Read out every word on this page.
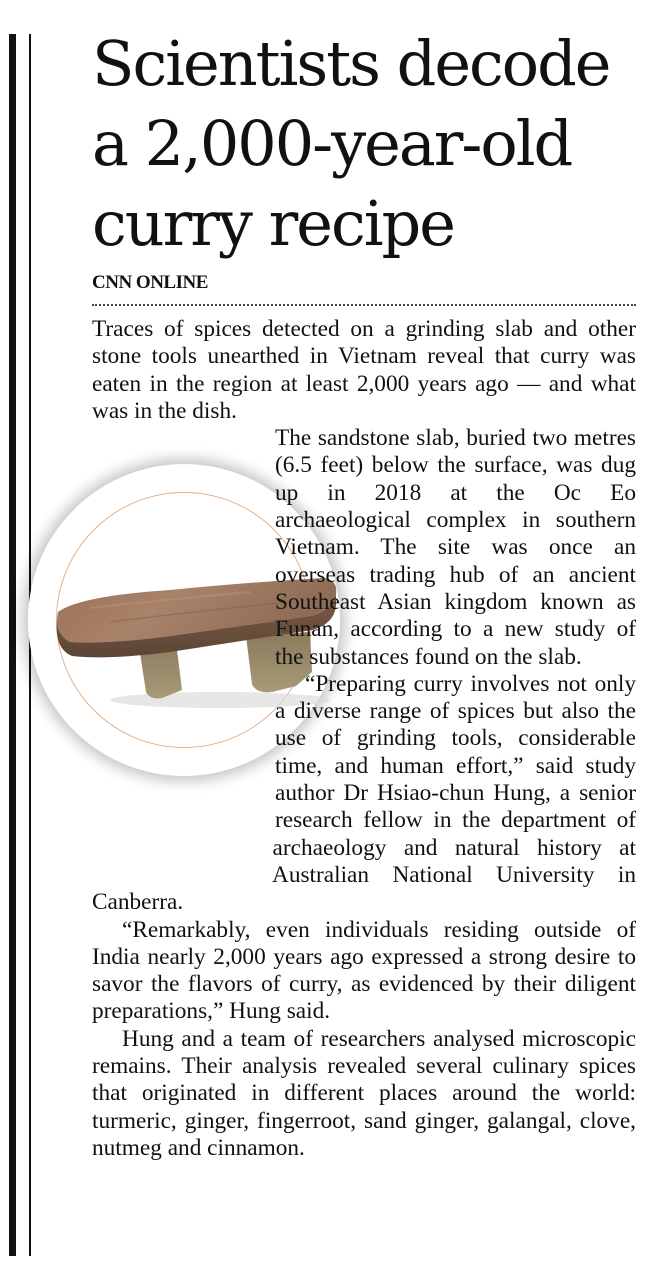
Scientists decode
a 2,000-year-old
curry recipe
CNN ONLINE

Traces of spices detected on a grinding slab and other stone tools unearthed in Vietnam reveal that curry was eaten in the region at least 2,000 years ago — and what was in the dish.

The sandstone slab, buried two metres (6.5 feet) below the surface, was dug up in 2018 at the Oc Eo archaeological complex in southern Vietnam. The site was once an overseas trading hub of an ancient Southeast Asian kingdom known as Funan, according to a new study of the substances found on the slab.

“Preparing curry involves not only a diverse range of spices but also the use of grinding tools, considerable time, and human effort,” said study author Dr Hsiao-chun Hung, a senior research fellow in the department of archaeology and natural history at Australian National University in Canberra.

“Remarkably, even individuals residing outside of India nearly 2,000 years ago expressed a strong desire to savor the flavors of curry, as evidenced by their diligent preparations,” Hung said.

Hung and a team of researchers analysed microscopic remains. Their analysis revealed several culinary spices that originated in different places around the world: turmeric, ginger, fingerroot, sand ginger, galangal, clove, nutmeg and cinnamon.
